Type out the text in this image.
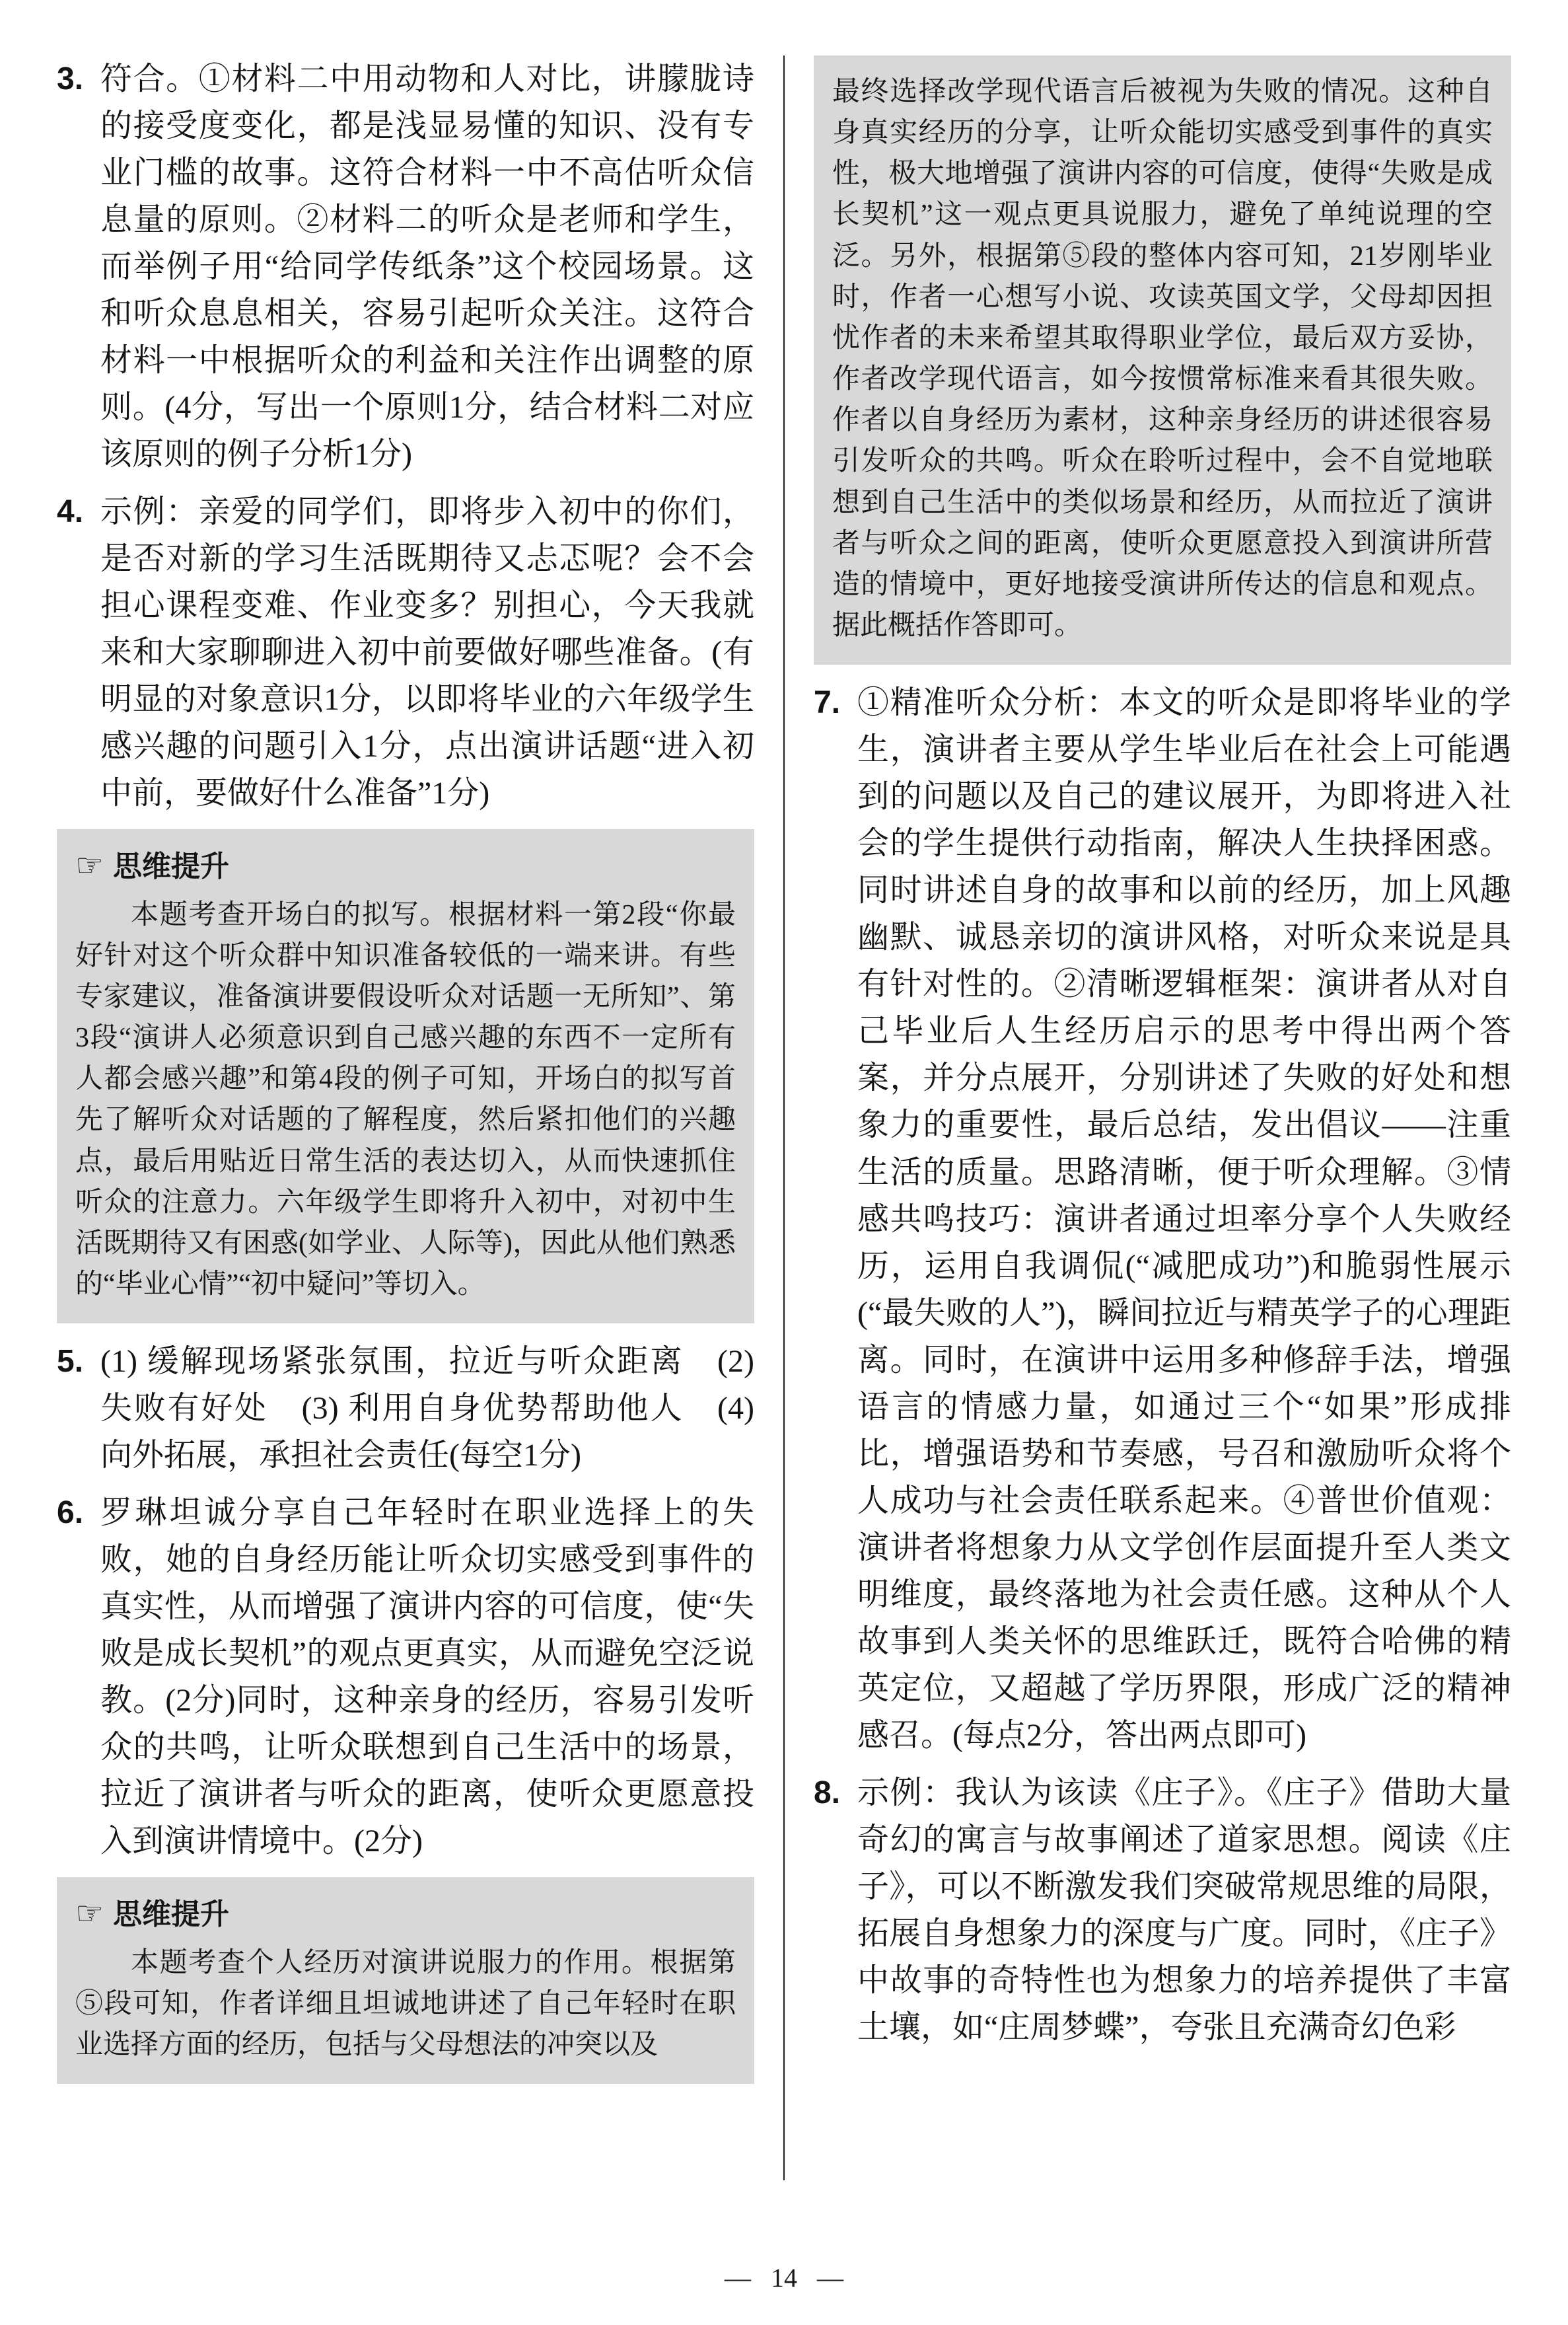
3. 符合。①材料二中用动物和人对比，讲朦胧诗的接受度变化，都是浅显易懂的知识、没有专业门槛的故事。这符合材料一中不高估听众信息量的原则。②材料二的听众是老师和学生，而举例子用“给同学传纸条”这个校园场景。这和听众息息相关，容易引起听众关注。这符合材料一中根据听众的利益和关注作出调整的原则。(4分，写出一个原则1分，结合材料二对应该原则的例子分析1分)
4. 示例：亲爱的同学们，即将步入初中的你们，是否对新的学习生活既期待又忐忑呢？会不会担心课程变难、作业变多？别担心，今天我就来和大家聊聊进入初中前要做好哪些准备。(有明显的对象意识1分，以即将毕业的六年级学生感兴趣的问题引入1分，点出演讲话题“进入初中前，要做好什么准备”1分)
☞ 思维提升
本题考查开场白的拟写。根据材料一第2段“你最好针对这个听众群中知识准备较低的一端来讲。有些专家建议，准备演讲要假设听众对话题一无所知”、第3段“演讲人必须意识到自己感兴趣的东西不一定所有人都会感兴趣”和第4段的例子可知，开场白的拟写首先了解听众对话题的了解程度，然后紧扣他们的兴趣点，最后用贴近日常生活的表达切入，从而快速抓住听众的注意力。六年级学生即将升入初中，对初中生活既期待又有困惑(如学业、人际等)，因此从他们熟悉的“毕业心情”“初中疑问”等切入。
5. (1) 缓解现场紧张氛围，拉近与听众距离　(2) 失败有好处　(3) 利用自身优势帮助他人　(4) 向外拓展，承担社会责任(每空1分)
6. 罗琳坦诚分享自己年轻时在职业选择上的失败，她的自身经历能让听众切实感受到事件的真实性，从而增强了演讲内容的可信度，使“失败是成长契机”的观点更真实，从而避免空泛说教。(2分)同时，这种亲身的经历，容易引发听众的共鸣，让听众联想到自己生活中的场景，拉近了演讲者与听众的距离，使听众更愿意投入到演讲情境中。(2分)
☞ 思维提升
本题考查个人经历对演讲说服力的作用。根据第⑤段可知，作者详细且坦诚地讲述了自己年轻时在职业选择方面的经历，包括与父母想法的冲突以及
最终选择改学现代语言后被视为失败的情况。这种自身真实经历的分享，让听众能切实感受到事件的真实性，极大地增强了演讲内容的可信度，使得“失败是成长契机”这一观点更具说服力，避免了单纯说理的空泛。另外，根据第⑤段的整体内容可知，21岁刚毕业时，作者一心想写小说、攻读英国文学，父母却因担忧作者的未来希望其取得职业学位，最后双方妥协，作者改学现代语言，如今按惯常标准来看其很失败。作者以自身经历为素材，这种亲身经历的讲述很容易引发听众的共鸣。听众在聆听过程中，会不自觉地联想到自己生活中的类似场景和经历，从而拉近了演讲者与听众之间的距离，使听众更愿意投入到演讲所营造的情境中，更好地接受演讲所传达的信息和观点。据此概括作答即可。
7. ①精准听众分析：本文的听众是即将毕业的学生，演讲者主要从学生毕业后在社会上可能遇到的问题以及自己的建议展开，为即将进入社会的学生提供行动指南，解决人生抉择困惑。同时讲述自身的故事和以前的经历，加上风趣幽默、诚恳亲切的演讲风格，对听众来说是具有针对性的。②清晰逻辑框架：演讲者从对自己毕业后人生经历启示的思考中得出两个答案，并分点展开，分别讲述了失败的好处和想象力的重要性，最后总结，发出倡议——注重生活的质量。思路清晰，便于听众理解。③情感共鸣技巧：演讲者通过坦率分享个人失败经历，运用自我调侃(“减肥成功”)和脆弱性展示(“最失败的人”)，瞬间拉近与精英学子的心理距离。同时，在演讲中运用多种修辞手法，增强语言的情感力量，如通过三个“如果”形成排比，增强语势和节奏感，号召和激励听众将个人成功与社会责任联系起来。④普世价值观：演讲者将想象力从文学创作层面提升至人类文明维度，最终落地为社会责任感。这种从个人故事到人类关怀的思维跃迁，既符合哈佛的精英定位，又超越了学历界限，形成广泛的精神感召。(每点2分，答出两点即可)
8. 示例：我认为该读《庄子》。《庄子》借助大量奇幻的寓言与故事阐述了道家思想。阅读《庄子》，可以不断激发我们突破常规思维的局限，拓展自身想象力的深度与广度。同时，《庄子》中故事的奇特性也为想象力的培养提供了丰富土壤，如“庄周梦蝶”，夸张且充满奇幻色彩
— 14 —
